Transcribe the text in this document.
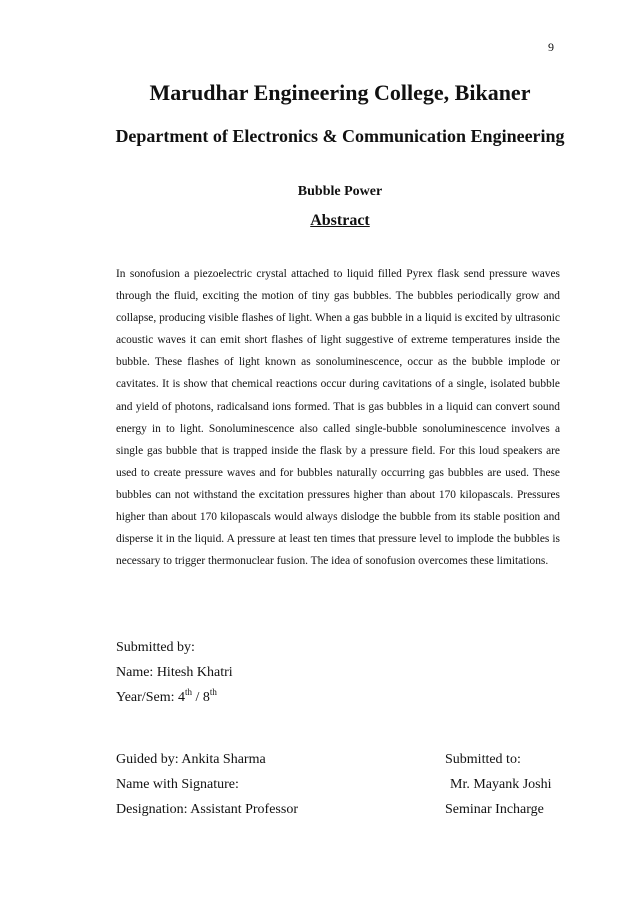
9
Marudhar Engineering College, Bikaner
Department of Electronics & Communication Engineering
Bubble Power
Abstract

In sonofusion a piezoelectric crystal attached to liquid filled Pyrex flask send pressure waves through the fluid, exciting the motion of tiny gas bubbles. The bubbles periodically grow and collapse, producing visible flashes of light. When a gas bubble in a liquid is excited by ultrasonic acoustic waves it can emit short flashes of light suggestive of extreme temperatures inside the bubble. These flashes of light known as sonoluminescence, occur as the bubble implode or cavitates. It is show that chemical reactions occur during cavitations of a single, isolated bubble and yield of photons, radicalsand ions formed. That is gas bubbles in a liquid can convert sound energy in to light. Sonoluminescence also called single-bubble sonoluminescence involves a single gas bubble that is trapped inside the flask by a pressure field. For this loud speakers are used to create pressure waves and for bubbles naturally occurring gas bubbles are used. These bubbles can not withstand the excitation pressures higher than about 170 kilopascals. Pressures higher than about 170 kilopascals would always dislodge the bubble from its stable position and disperse it in the liquid. A pressure at least ten times that pressure level to implode the bubbles is necessary to trigger thermonuclear fusion. The idea of sonofusion overcomes these limitations.

Submitted by:
Name: Hitesh Khatri
Year/Sem: 4th / 8th
Guided by: Ankita Sharma
Name with Signature:
Designation: Assistant Professor
Submitted to:
Mr. Mayank Joshi
Seminar Incharge
